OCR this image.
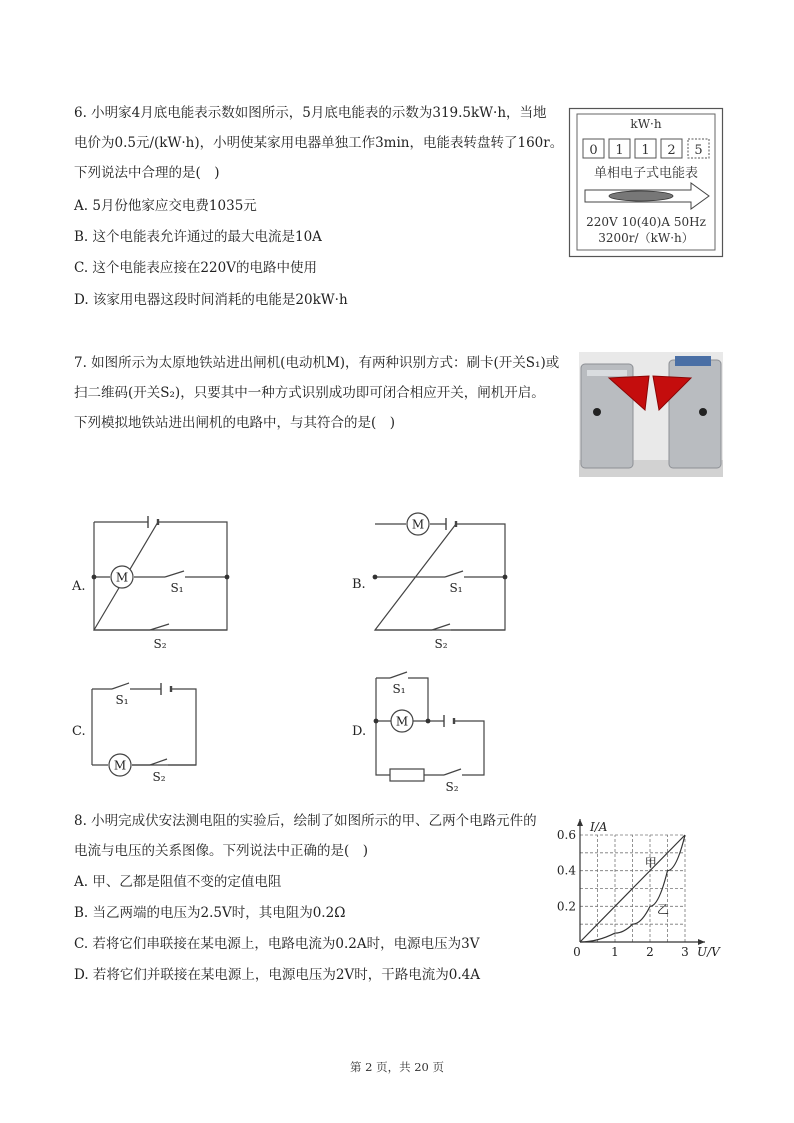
6. 小明家4月底电能表示数如图所示，5月底电能表的示数为319.5kW·h，当地
电价为0.5元/(kW·h)，小明使某家用电器单独工作3min，电能表转盘转了160r。
下列说法中合理的是(　)
A. 5月份他家应交电费1035元
B. 这个电能表允许通过的最大电流是10A
C. 这个电能表应接在220V的电路中使用
D. 该家用电器这段时间消耗的电能是20kW·h
kW·h
0 1 1 2 5
单相电子式电能表
220V 10(40)A 50Hz
3200r/（kW·h）
7. 如图所示为太原地铁站进出闸机(电动机M)，有两种识别方式：刷卡(开关S₁)或
扫二维码(开关S₂)，只要其中一种方式识别成功即可闭合相应开关，闸机开启。
下列模拟地铁站进出闸机的电路中，与其符合的是(　)
M
M
M
M
S₁
S₂
S₁
S₂
S₁
S₂
S₁
S₂
A.	B.
C.	D.
8. 小明完成伏安法测电阻的实验后，绘制了如图所示的甲、乙两个电路元件的
电流与电压的关系图像。下列说法中正确的是(　)
A. 甲、乙都是阻值不变的定值电阻
B. 当乙两端的电压为2.5V时，其电阻为0.2Ω
C. 若将它们串联接在某电源上，电路电流为0.2A时，电源电压为3V
D. 若将它们并联接在某电源上，电源电压为2V时，干路电流为0.4A
甲
乙
0	1 2 3
0.2
0.4
0.6
I/A
U/V
第 2 页，共 20 页
